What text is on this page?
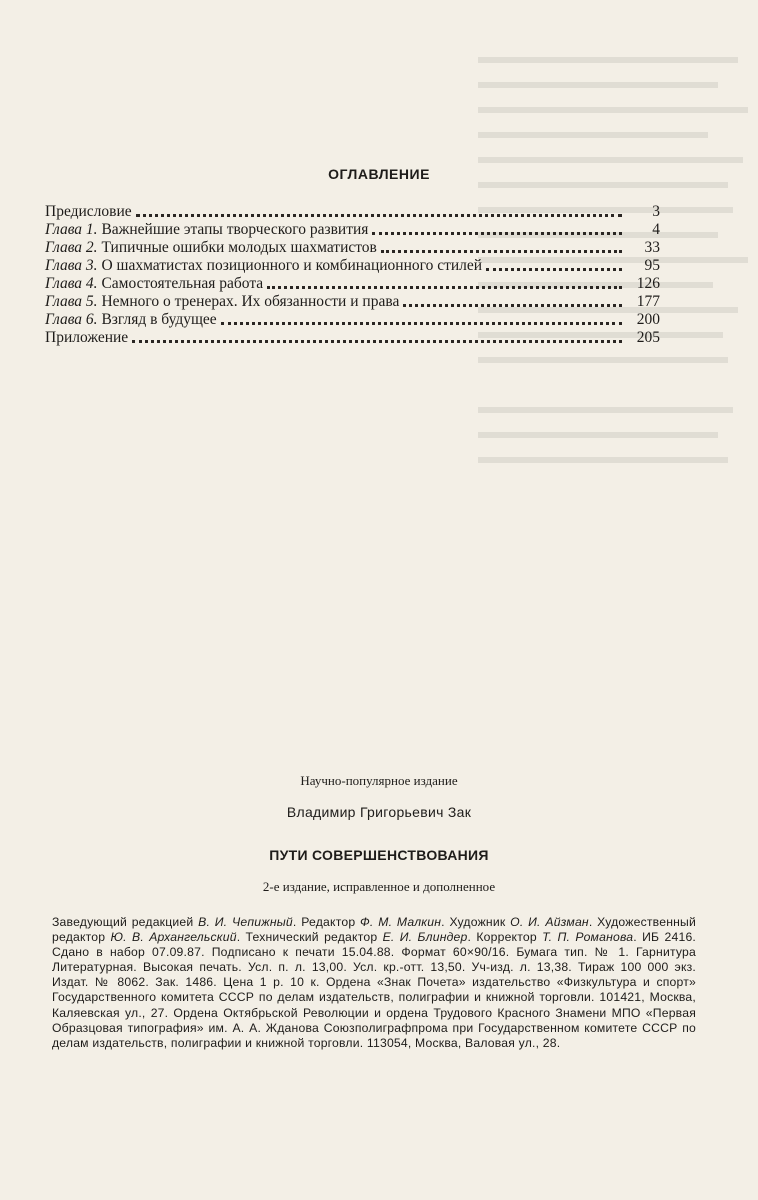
ОГЛАВЛЕНИЕ
Предисловие	3
Глава 1. Важнейшие этапы творческого развития	4
Глава 2. Типичные ошибки молодых шахматистов	33
Глава 3. О шахматистах позиционного и комбинационного стилей	95
Глава 4. Самостоятельная работа	126
Глава 5. Немного о тренерах. Их обязанности и права	177
Глава 6. Взгляд в будущее	200
Приложение	205
Научно-популярное издание
Владимир Григорьевич Зак
ПУТИ СОВЕРШЕНСТВОВАНИЯ
2-е издание, исправленное и дополненное
Заведующий редакцией В. И. Чепижный. Редактор Ф. М. Малкин. Художник О. И. Айзман. Художественный редактор Ю. В. Архангельский. Технический редактор Е. И. Блиндер. Корректор Т. П. Романова. ИБ 2416. Сдано в набор 07.09.87. Подписано к печати 15.04.88. Формат 60×90/16. Бумага тип. № 1. Гарнитура Литературная. Высокая печать. Усл. п. л. 13,00. Усл. кр.-отт. 13,50. Уч-изд. л. 13,38. Тираж 100 000 экз. Издат. № 8062. Зак. 1486. Цена 1 р. 10 к. Ордена «Знак Почета» издательство «Физкультура и спорт» Государственного комитета СССР по делам издательств, полиграфии и книжной торговли. 101421, Москва, Каляевская ул., 27. Ордена Октябрьской Революции и ордена Трудового Красного Знамени МПО «Первая Образцовая типография» им. А. А. Жданова Союзполиграфпрома при Государственном комитете СССР по делам издательств, полиграфии и книжной торговли. 113054, Москва, Валовая ул., 28.
